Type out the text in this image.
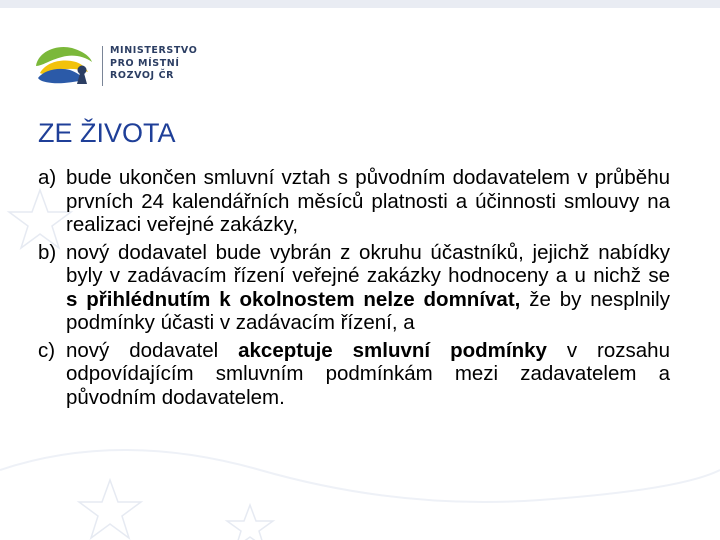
MINISTERSTVO
PRO MÍSTNÍ
ROZVOJ ČR
ZE ŽIVOTA
a) bude ukončen smluvní vztah s původním dodavatelem v průběhu prvních 24 kalendářních měsíců platnosti a účinnosti smlouvy na realizaci veřejné zakázky,
b) nový dodavatel bude vybrán z okruhu účastníků, jejichž nabídky byly v zadávacím řízení veřejné zakázky hodnoceny a u nichž se s přihlédnutím k okolnostem nelze domnívat, že by nesplnily podmínky účasti v zadávacím řízení, a
c) nový dodavatel akceptuje smluvní podmínky v rozsahu odpovídajícím smluvním podmínkám mezi zadavatelem a původním dodavatelem.
